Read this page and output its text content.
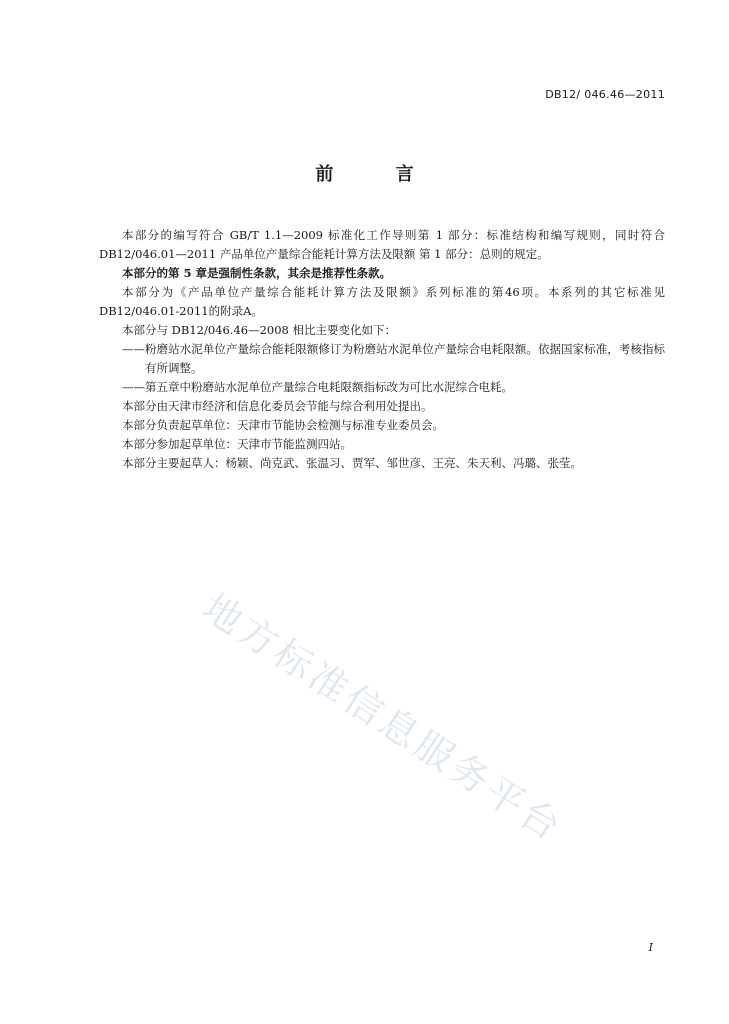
DB12/ 046.46—2011
前 言

本部分的编写符合 GB/T 1.1—2009 标准化工作导则第 1 部分：标准结构和编写规则，同时符合DB12/046.01—2011 产品单位产量综合能耗计算方法及限额 第 1 部分：总则的规定。

本部分的第 5 章是强制性条款，其余是推荐性条款。

本部分为《产品单位产量综合能耗计算方法及限额》系列标准的第46项。本系列的其它标准见DB12/046.01-2011的附录A。

本部分与 DB12/046.46—2008 相比主要变化如下：

——粉磨站水泥单位产量综合能耗限额修订为粉磨站水泥单位产量综合电耗限额。依据国家标准，考核指标有所调整。

——第五章中粉磨站水泥单位产量综合电耗限额指标改为可比水泥综合电耗。

本部分由天津市经济和信息化委员会节能与综合利用处提出。

本部分负责起草单位：天津市节能协会检测与标准专业委员会。

本部分参加起草单位：天津市节能监测四站。

本部分主要起草人：杨颖、尚克武、张温习、贾军、邹世彦、王亮、朱天利、冯璐、张莹。

地方标准信息服务平台
I
